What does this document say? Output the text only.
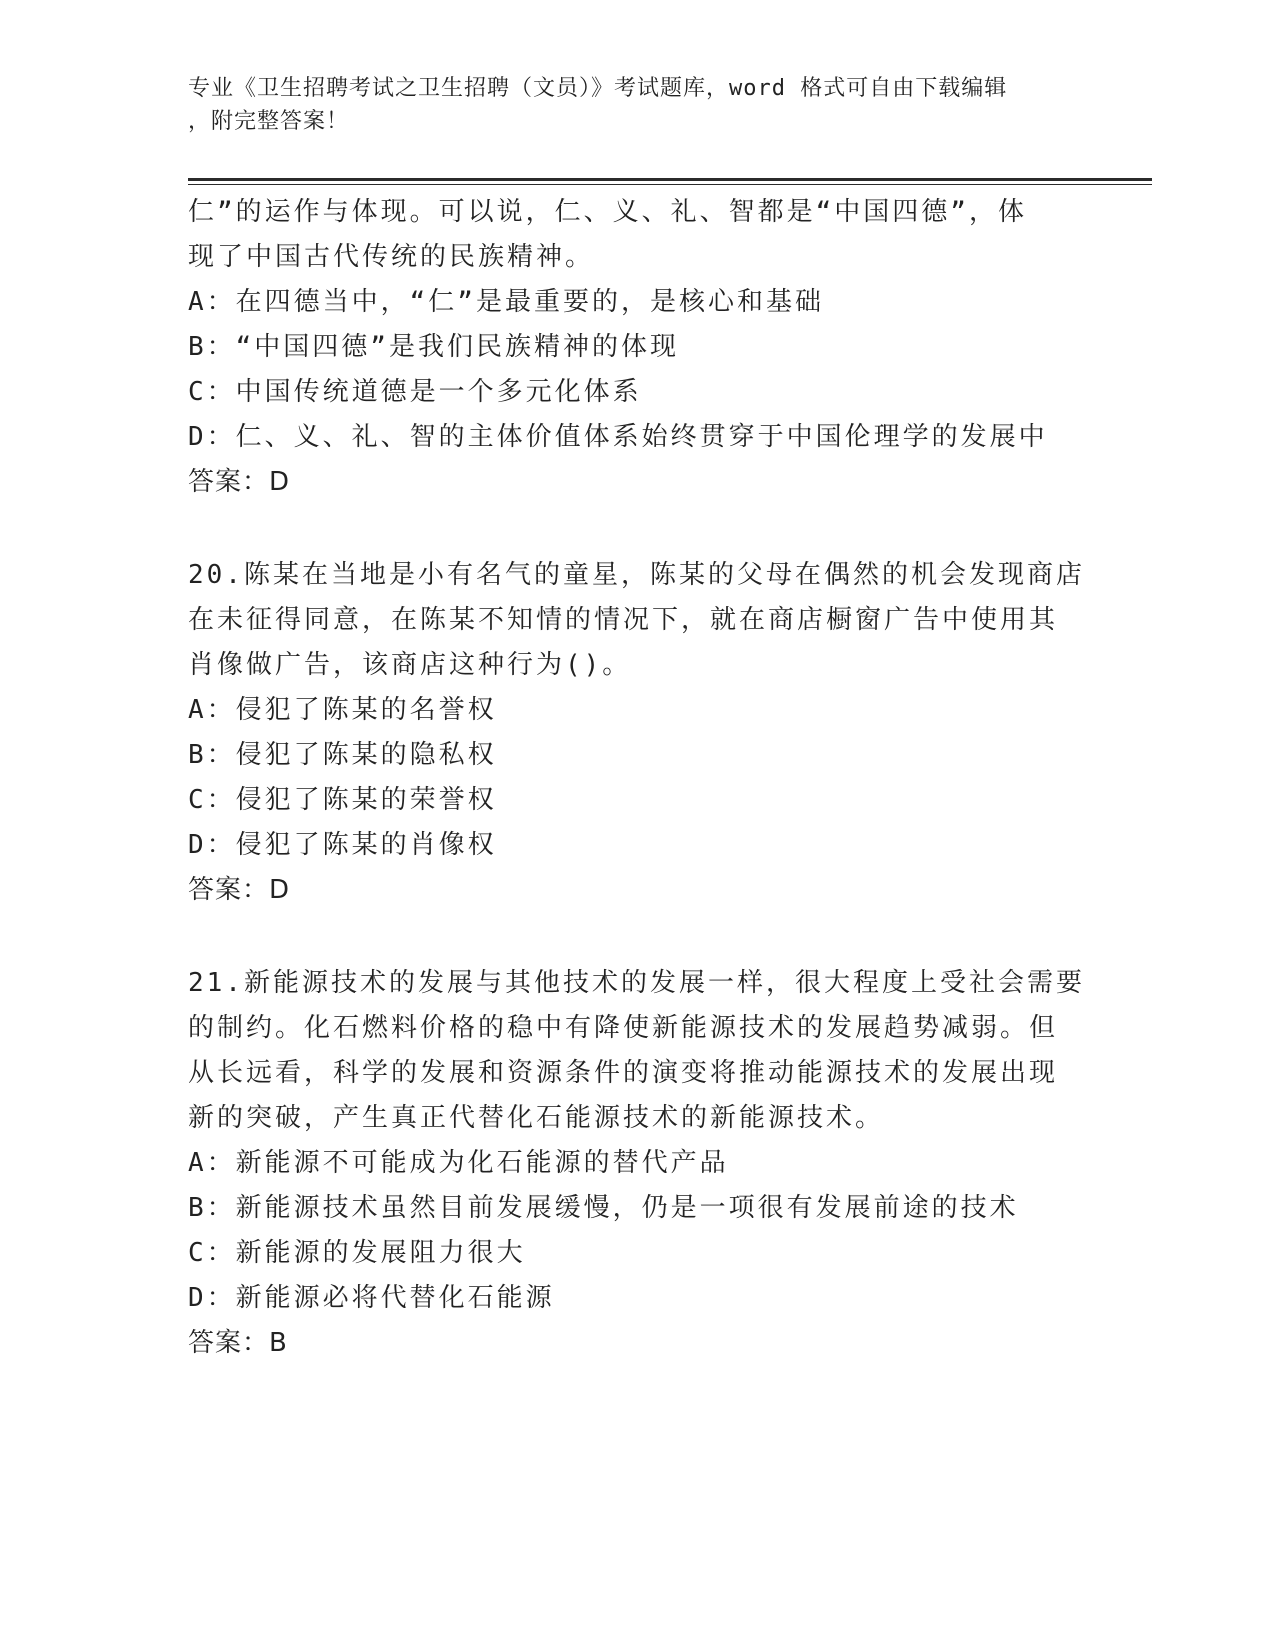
专业《卫生招聘考试之卫生招聘（文员）》考试题库，word 格式可自由下载编辑
，附完整答案！
仁”的运作与体现。可以说，仁、义、礼、智都是“中国四德”，体
现了中国古代传统的民族精神。
A：在四德当中，“仁”是最重要的，是核心和基础
B：“中国四德”是我们民族精神的体现
C：中国传统道德是一个多元化体系
D：仁、义、礼、智的主体价值体系始终贯穿于中国伦理学的发展中
答案：D
20.陈某在当地是小有名气的童星，陈某的父母在偶然的机会发现商店
在未征得同意，在陈某不知情的情况下，就在商店橱窗广告中使用其
肖像做广告，该商店这种行为()。
A：侵犯了陈某的名誉权
B：侵犯了陈某的隐私权
C：侵犯了陈某的荣誉权
D：侵犯了陈某的肖像权
答案：D
21.新能源技术的发展与其他技术的发展一样，很大程度上受社会需要
的制约。化石燃料价格的稳中有降使新能源技术的发展趋势减弱。但
从长远看，科学的发展和资源条件的演变将推动能源技术的发展出现
新的突破，产生真正代替化石能源技术的新能源技术。
A：新能源不可能成为化石能源的替代产品
B：新能源技术虽然目前发展缓慢，仍是一项很有发展前途的技术
C：新能源的发展阻力很大
D：新能源必将代替化石能源
答案：B
